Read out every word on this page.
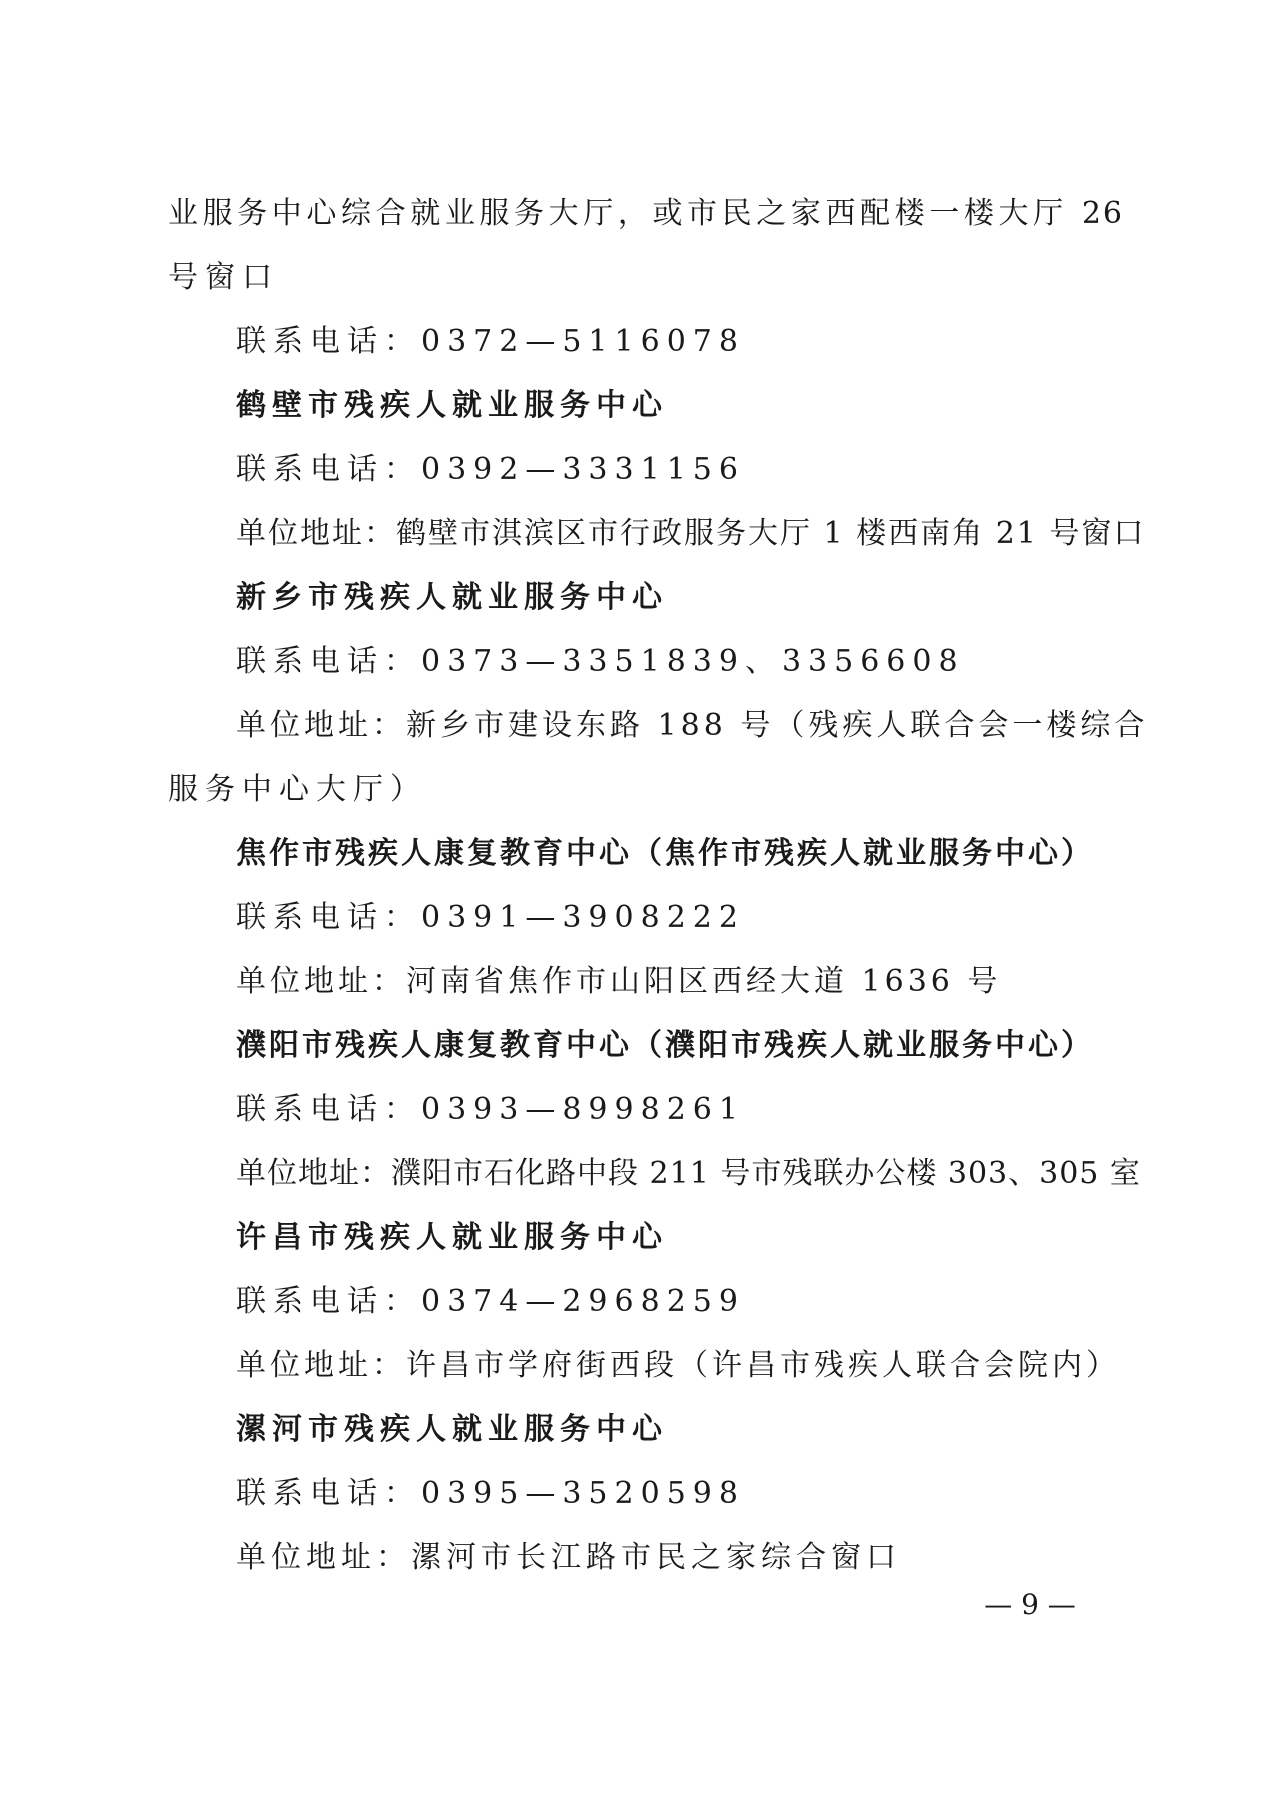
业服务中心综合就业服务大厅，或市民之家西配楼一楼大厅 26
号窗口
联系电话：0372—5116078
鹤壁市残疾人就业服务中心
联系电话：0392—3331156
单位地址：鹤壁市淇滨区市行政服务大厅 1 楼西南角 21 号窗口
新乡市残疾人就业服务中心
联系电话：0373—3351839、3356608
单位地址：新乡市建设东路 188 号（残疾人联合会一楼综合
服务中心大厅）
焦作市残疾人康复教育中心（焦作市残疾人就业服务中心）
联系电话：0391—3908222
单位地址：河南省焦作市山阳区西经大道 1636 号
濮阳市残疾人康复教育中心（濮阳市残疾人就业服务中心）
联系电话：0393—8998261
单位地址：濮阳市石化路中段 211 号市残联办公楼 303、305 室
许昌市残疾人就业服务中心
联系电话：0374—2968259
单位地址：许昌市学府街西段（许昌市残疾人联合会院内）
漯河市残疾人就业服务中心
联系电话：0395—3520598
单位地址：漯河市长江路市民之家综合窗口
— 9 —
